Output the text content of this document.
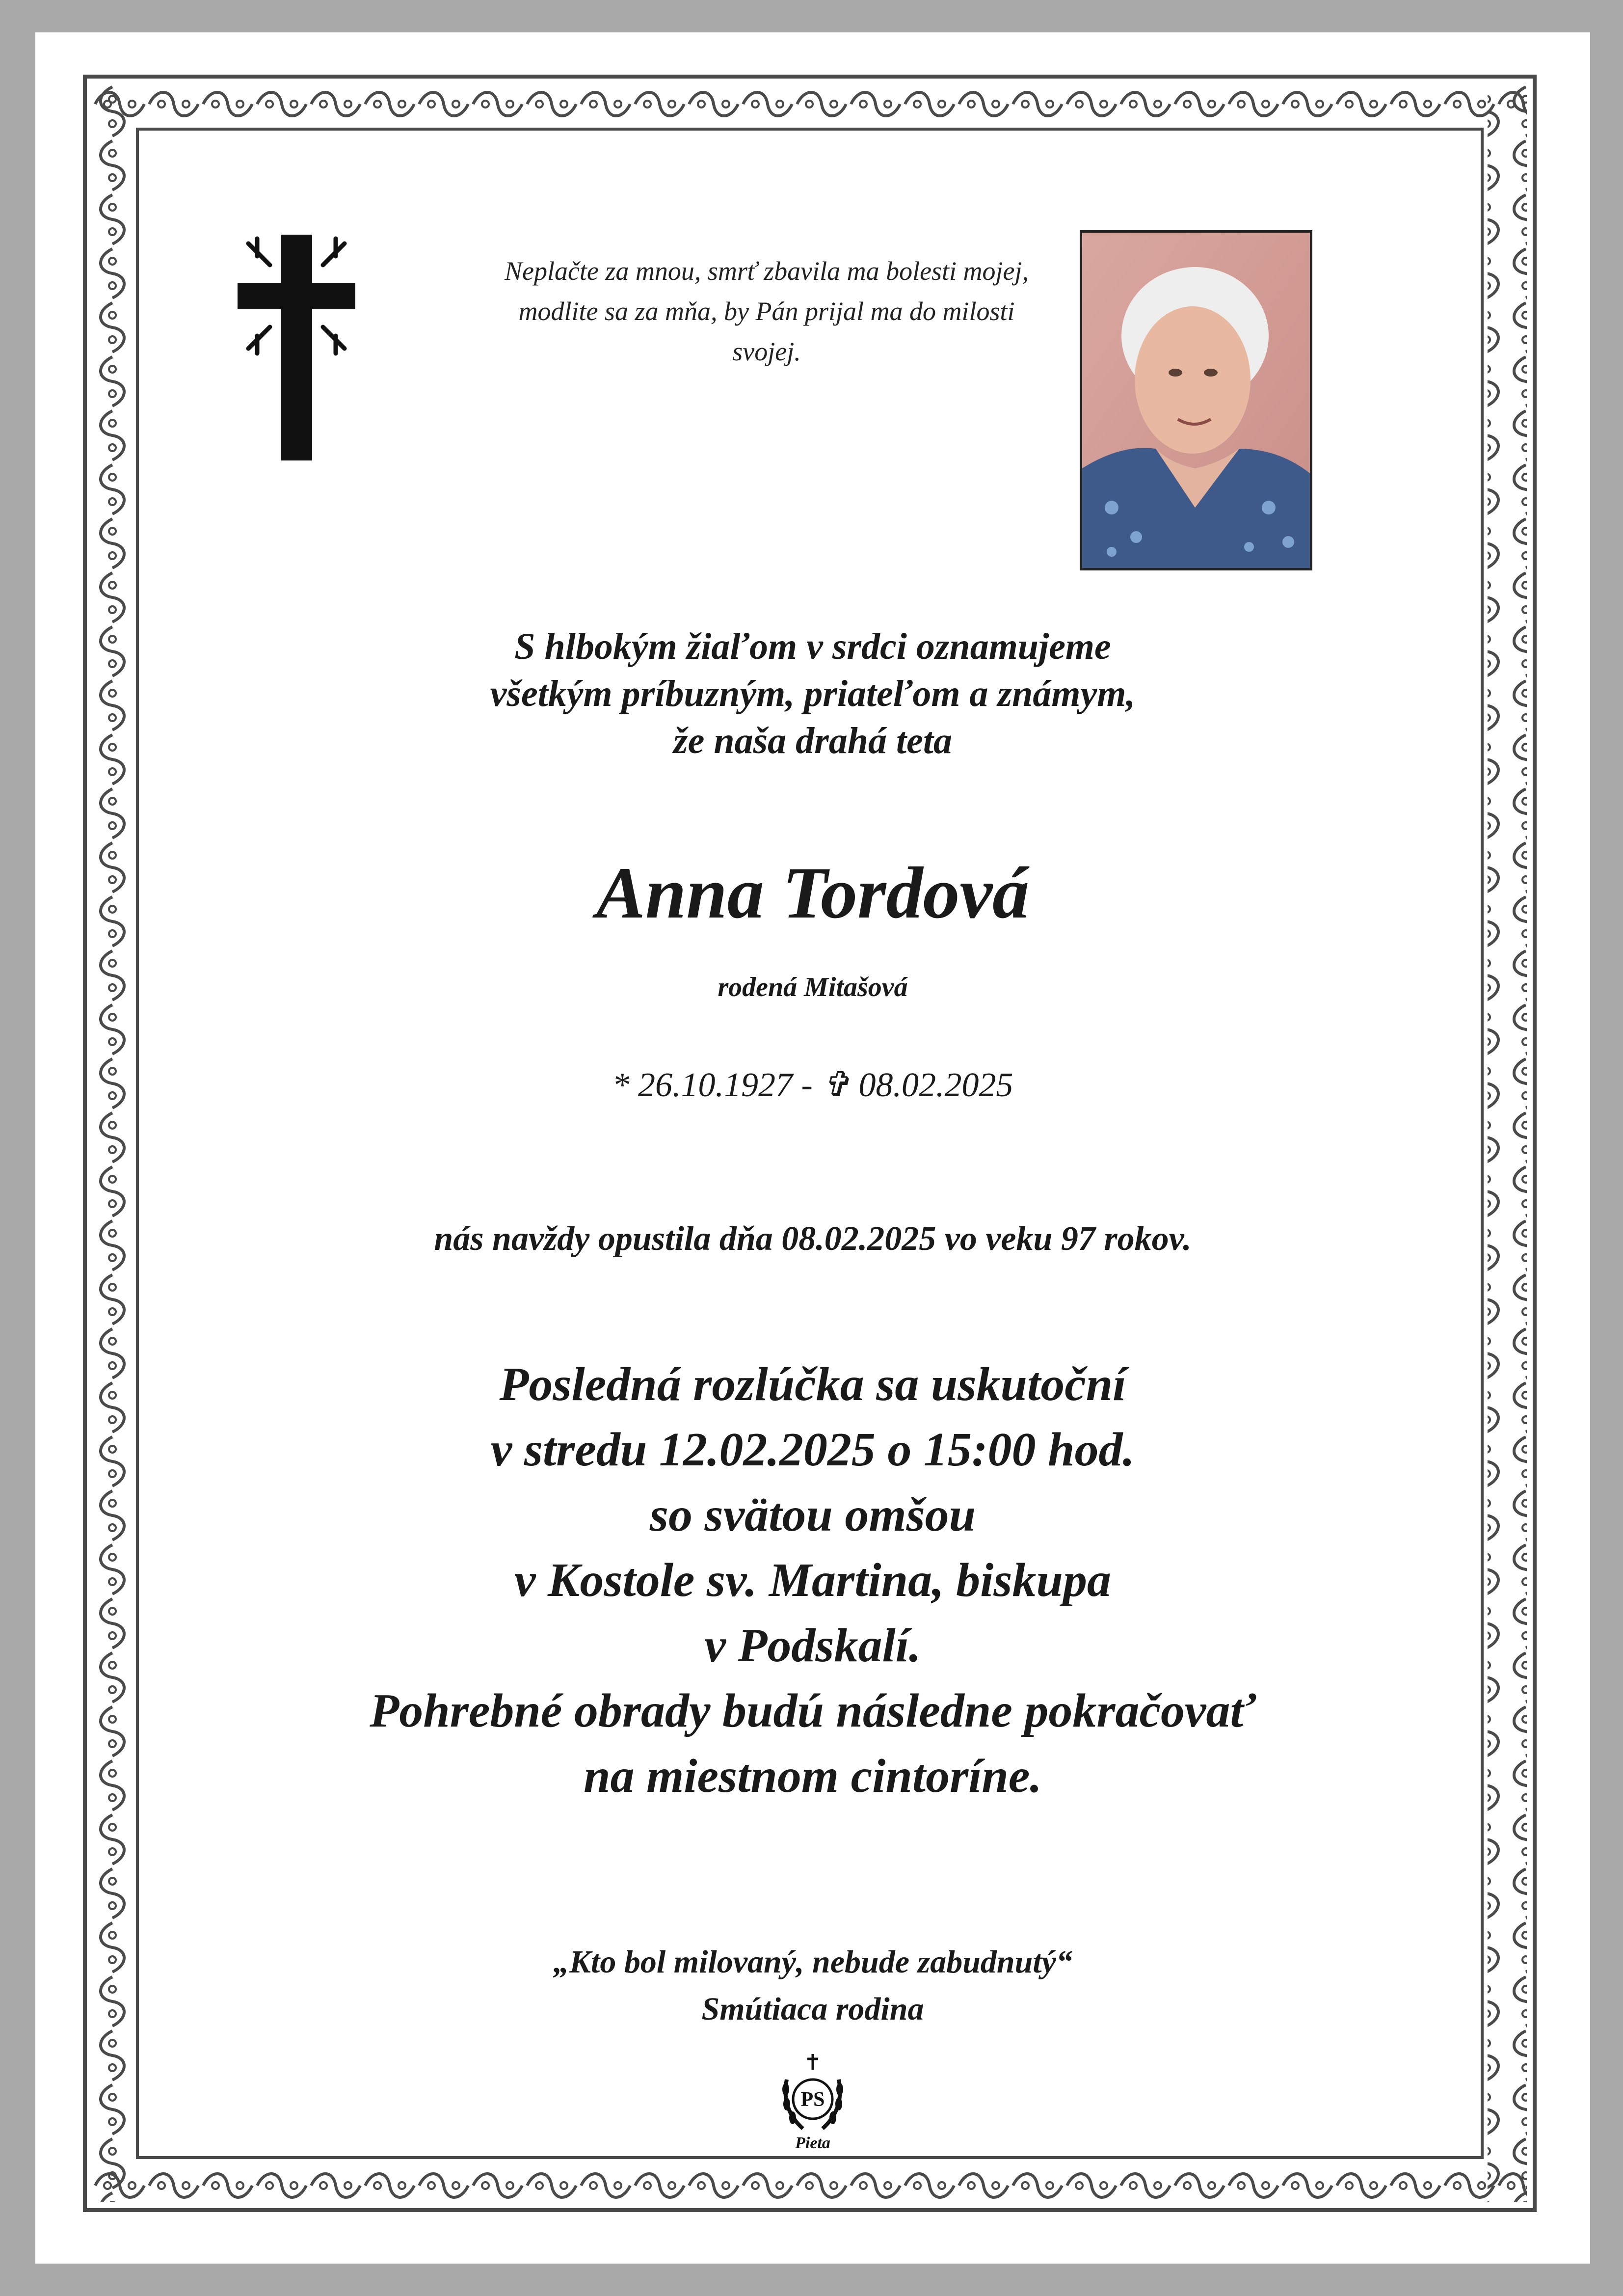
Neplačte za mnou, smrť zbavila ma bolesti mojej, modlite sa za mňa, by Pán prijal ma do milosti svojej.
S hlbokým žiaľom v srdci oznamujeme
všetkým príbuzným, priateľom a známym,
že naša drahá teta
Anna Tordová
rodená Mitašová
* 26.10.1927 - ✞ 08.02.2025
nás navždy opustila dňa 08.02.2025 vo veku 97 rokov.
Posledná rozlúčka sa uskutoční
v stredu 12.02.2025 o 15:00 hod.
so svätou omšou
v Kostole sv. Martina, biskupa
v Podskalí.
Pohrebné obrady budú následne pokračovať
na miestnom cintoríne.
„Kto bol milovaný, nebude zabudnutý“
Smútiaca rodina
PS
Pieta
